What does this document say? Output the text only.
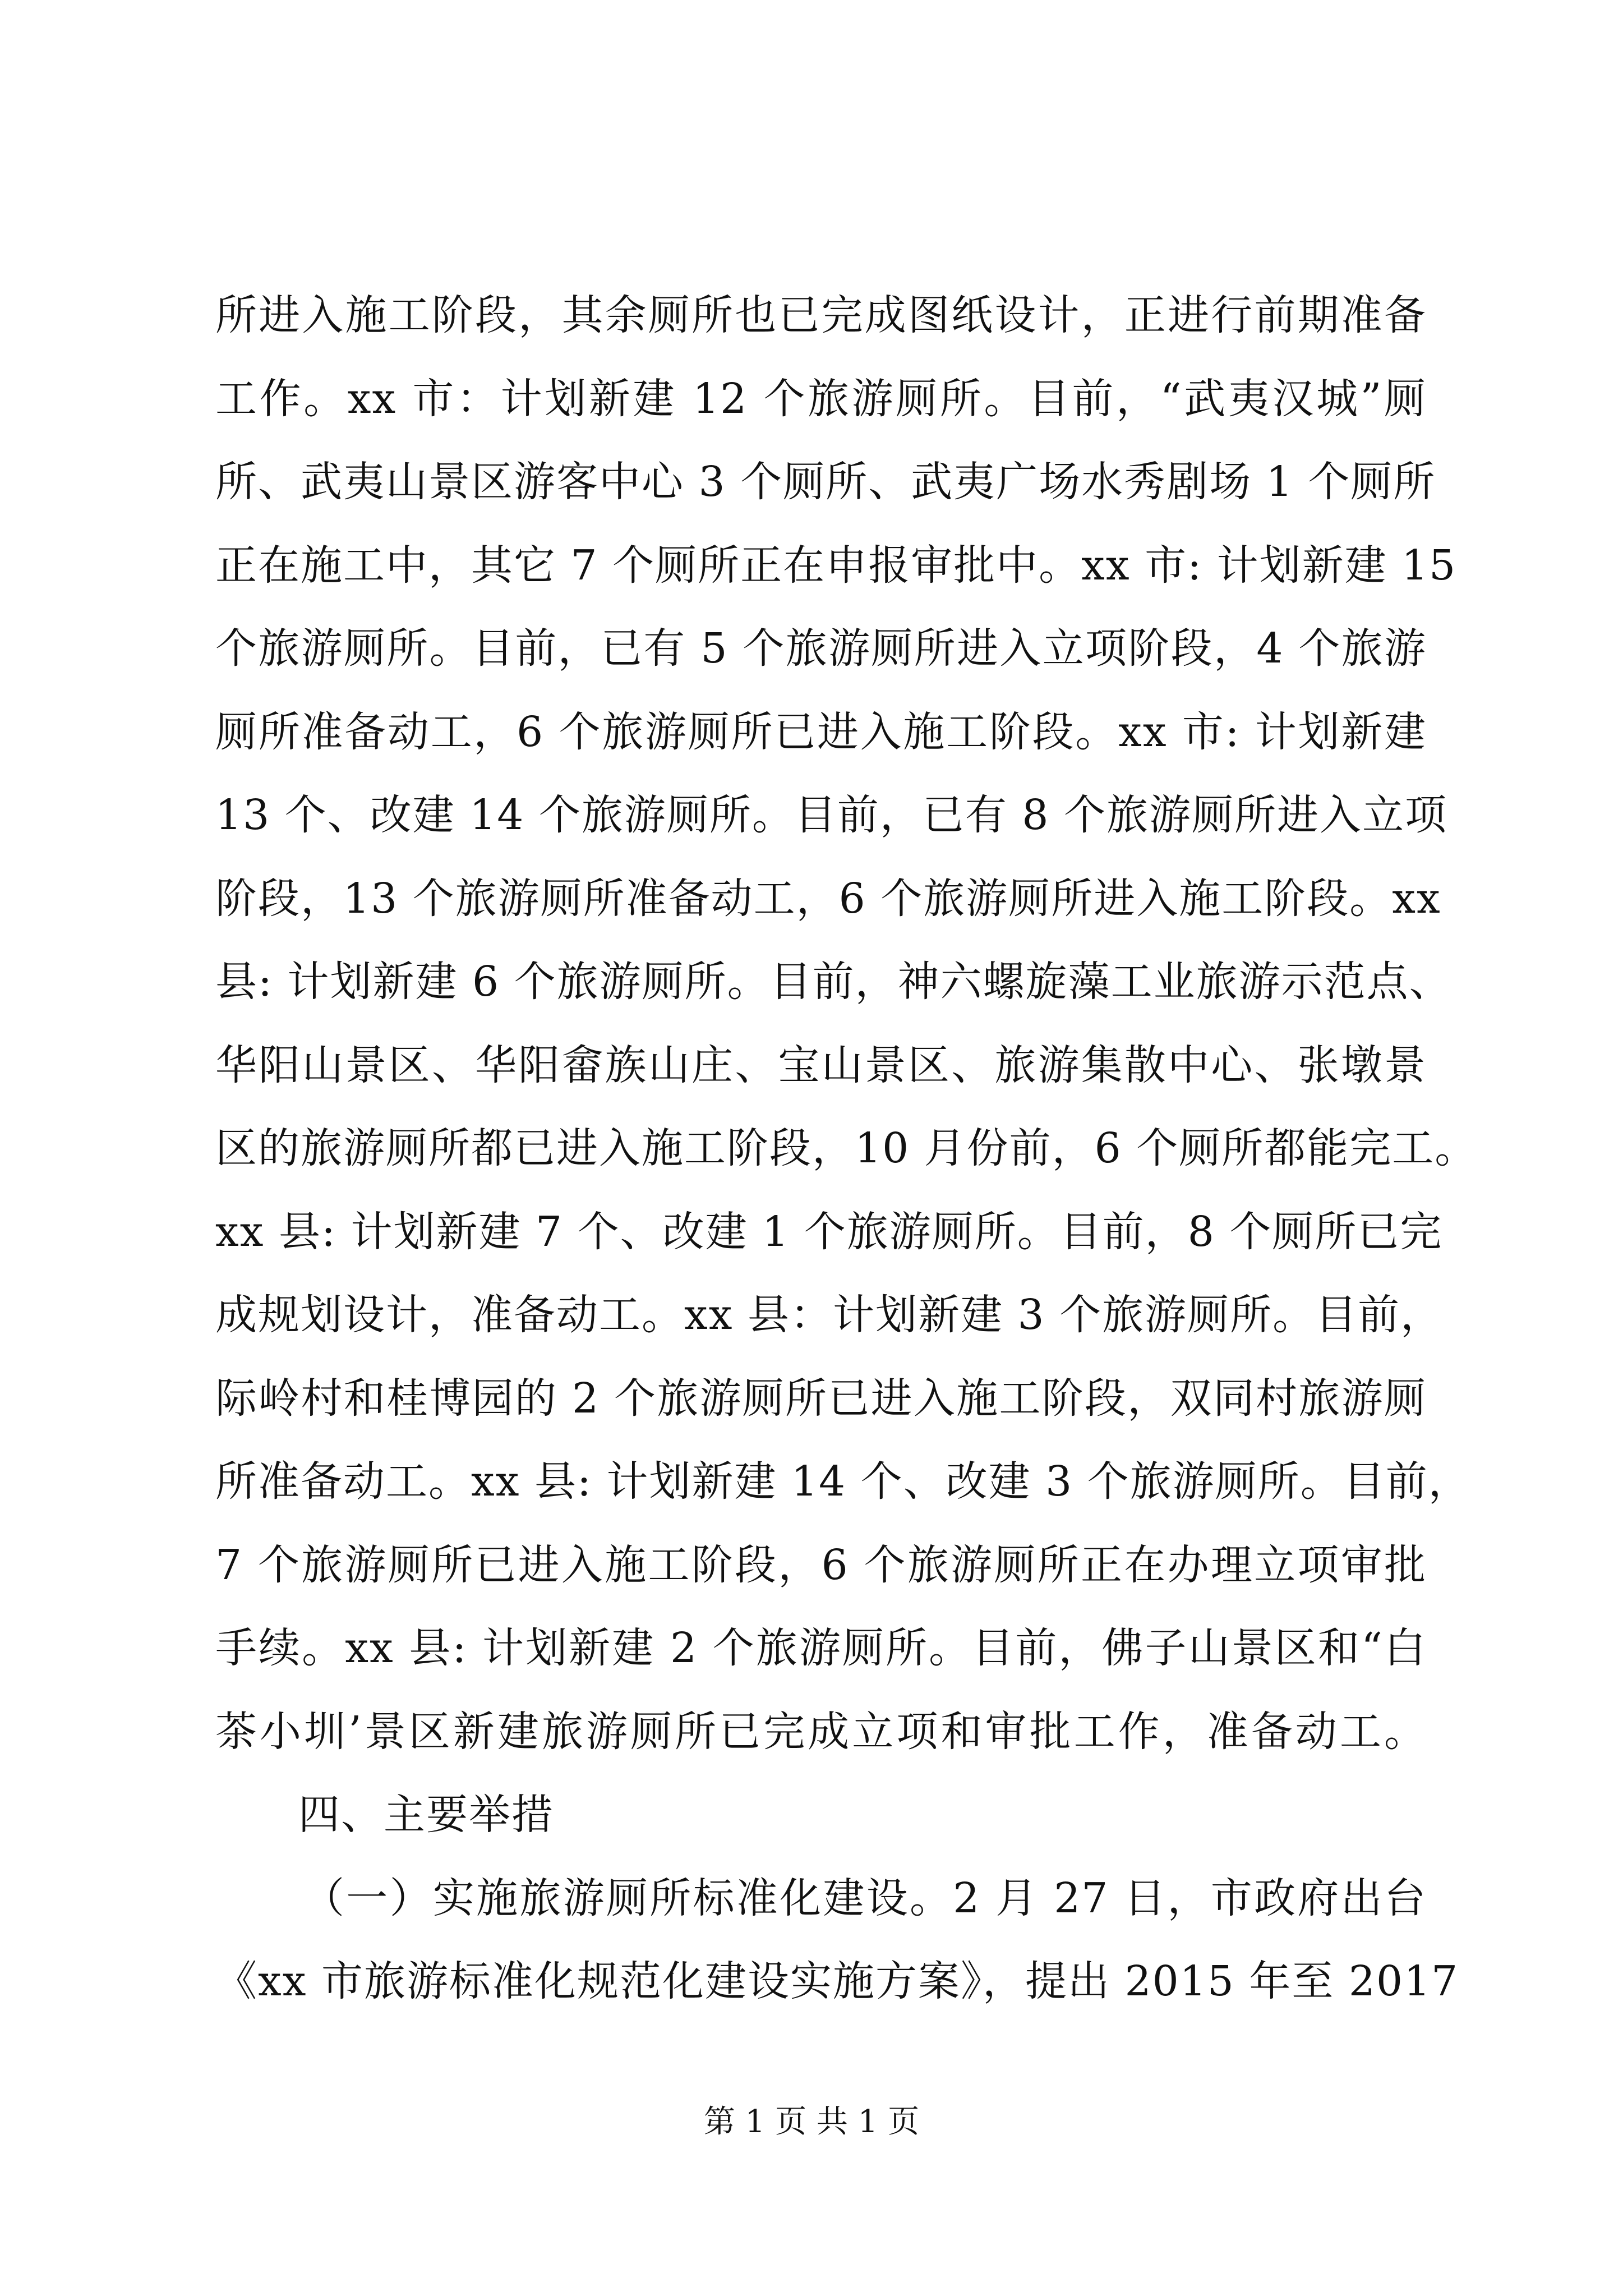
所进入施工阶段，其余厕所也已完成图纸设计，正进行前期准备
工作。xx 市：计划新建 12 个旅游厕所。目前，“武夷汉城”厕
所、武夷山景区游客中心 3 个厕所、武夷广场水秀剧场 1 个厕所
正在施工中，其它 7 个厕所正在申报审批中。xx 市: 计划新建 15
个旅游厕所。目前，已有 5 个旅游厕所进入立项阶段，4 个旅游
厕所准备动工，6 个旅游厕所已进入施工阶段。xx 市: 计划新建
13 个、改建 14 个旅游厕所。目前，已有 8 个旅游厕所进入立项
阶段，13 个旅游厕所准备动工，6 个旅游厕所进入施工阶段。xx
县: 计划新建 6 个旅游厕所。目前，神六螺旋藻工业旅游示范点、
华阳山景区、华阳畲族山庄、宝山景区、旅游集散中心、张墩景
区的旅游厕所都已进入施工阶段，10 月份前，6 个厕所都能完工。
xx 县: 计划新建 7 个、改建 1 个旅游厕所。目前，8 个厕所已完
成规划设计，准备动工。xx 县：计划新建 3 个旅游厕所。目前，
际岭村和桂博园的 2 个旅游厕所已进入施工阶段，双同村旅游厕
所准备动工。xx 县: 计划新建 14 个、改建 3 个旅游厕所。目前，
7 个旅游厕所已进入施工阶段，6 个旅游厕所正在办理立项审批
手续。xx 县: 计划新建 2 个旅游厕所。目前，佛子山景区和“白
茶小圳’景区新建旅游厕所已完成立项和审批工作，准备动工。
四、主要举措
（一）实施旅游厕所标准化建设。2 月 27 日，市政府出台
《xx 市旅游标准化规范化建设实施方案》，提出 2015 年至 2017
第 1 页 共 1 页
